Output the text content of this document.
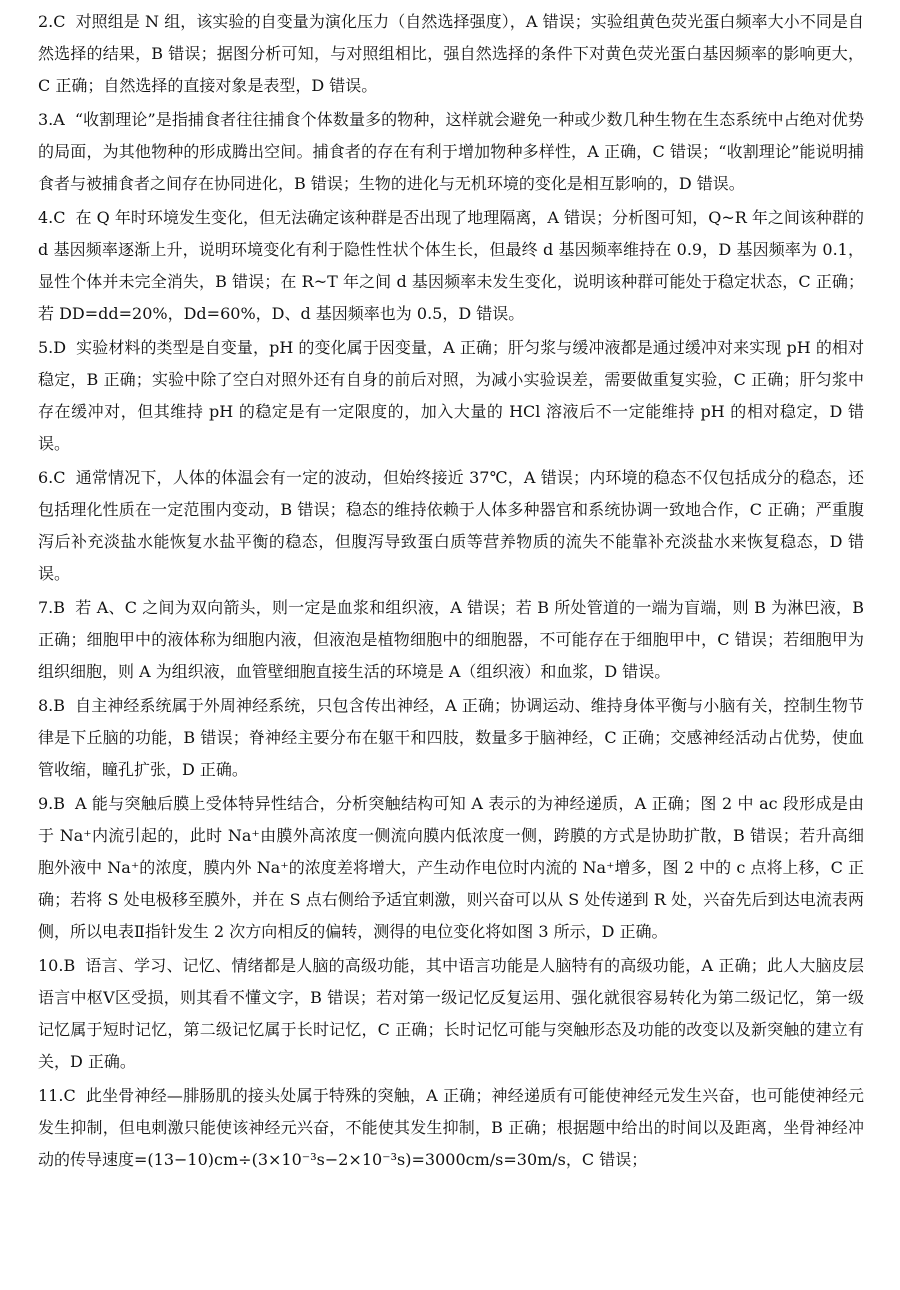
2.C 对照组是 N 组，该实验的自变量为演化压力（自然选择强度），A 错误；实验组黄色荧光蛋白频率大小不同是自然选择的结果，B 错误；据图分析可知，与对照组相比，强自然选择的条件下对黄色荧光蛋白基因频率的影响更大，C 正确；自然选择的直接对象是表型，D 错误。

3.A “收割理论”是指捕食者往往捕食个体数量多的物种，这样就会避免一种或少数几种生物在生态系统中占绝对优势的局面，为其他物种的形成腾出空间。捕食者的存在有利于增加物种多样性，A 正确，C 错误；“收割理论”能说明捕食者与被捕食者之间存在协同进化，B 错误；生物的进化与无机环境的变化是相互影响的，D 错误。

4.C 在 Q 年时环境发生变化，但无法确定该种群是否出现了地理隔离，A 错误；分析图可知，Q~R 年之间该种群的 d 基因频率逐渐上升，说明环境变化有利于隐性性状个体生长，但最终 d 基因频率维持在 0.9，D 基因频率为 0.1，显性个体并未完全消失，B 错误；在 R~T 年之间 d 基因频率未发生变化，说明该种群可能处于稳定状态，C 正确；若 DD=dd=20%，Dd=60%，D、d 基因频率也为 0.5，D 错误。

5.D 实验材料的类型是自变量，pH 的变化属于因变量，A 正确；肝匀浆与缓冲液都是通过缓冲对来实现 pH 的相对稳定，B 正确；实验中除了空白对照外还有自身的前后对照，为减小实验误差，需要做重复实验，C 正确；肝匀浆中存在缓冲对，但其维持 pH 的稳定是有一定限度的，加入大量的 HCl 溶液后不一定能维持 pH 的相对稳定，D 错误。

6.C 通常情况下，人体的体温会有一定的波动，但始终接近 37℃，A 错误；内环境的稳态不仅包括成分的稳态，还包括理化性质在一定范围内变动，B 错误；稳态的维持依赖于人体多种器官和系统协调一致地合作，C 正确；严重腹泻后补充淡盐水能恢复水盐平衡的稳态，但腹泻导致蛋白质等营养物质的流失不能靠补充淡盐水来恢复稳态，D 错误。

7.B 若 A、C 之间为双向箭头，则一定是血浆和组织液，A 错误；若 B 所处管道的一端为盲端，则 B 为淋巴液，B 正确；细胞甲中的液体称为细胞内液，但液泡是植物细胞中的细胞器，不可能存在于细胞甲中，C 错误；若细胞甲为组织细胞，则 A 为组织液，血管壁细胞直接生活的环境是 A（组织液）和血浆，D 错误。

8.B 自主神经系统属于外周神经系统，只包含传出神经，A 正确；协调运动、维持身体平衡与小脑有关，控制生物节律是下丘脑的功能，B 错误；脊神经主要分布在躯干和四肢，数量多于脑神经，C 正确；交感神经活动占优势，使血管收缩，瞳孔扩张，D 正确。

9.B A 能与突触后膜上受体特异性结合，分析突触结构可知 A 表示的为神经递质，A 正确；图 2 中 ac 段形成是由于 Na⁺内流引起的，此时 Na⁺由膜外高浓度一侧流向膜内低浓度一侧，跨膜的方式是协助扩散，B 错误；若升高细胞外液中 Na⁺的浓度，膜内外 Na⁺的浓度差将增大，产生动作电位时内流的 Na⁺增多，图 2 中的 c 点将上移，C 正确；若将 S 处电极移至膜外，并在 S 点右侧给予适宜刺激，则兴奋可以从 S 处传递到 R 处，兴奋先后到达电流表两侧，所以电表Ⅱ指针发生 2 次方向相反的偏转，测得的电位变化将如图 3 所示，D 正确。

10.B 语言、学习、记忆、情绪都是人脑的高级功能，其中语言功能是人脑特有的高级功能，A 正确；此人大脑皮层语言中枢Ⅴ区受损，则其看不懂文字，B 错误；若对第一级记忆反复运用、强化就很容易转化为第二级记忆，第一级记忆属于短时记忆，第二级记忆属于长时记忆，C 正确；长时记忆可能与突触形态及功能的改变以及新突触的建立有关，D 正确。

11.C 此坐骨神经—腓肠肌的接头处属于特殊的突触，A 正确；神经递质有可能使神经元发生兴奋，也可能使神经元发生抑制，但电刺激只能使该神经元兴奋，不能使其发生抑制，B 正确；根据题中给出的时间以及距离，坐骨神经冲动的传导速度=(13−10)cm÷(3×10⁻³s−2×10⁻³s)=3000cm/s=30m/s，C 错误；
